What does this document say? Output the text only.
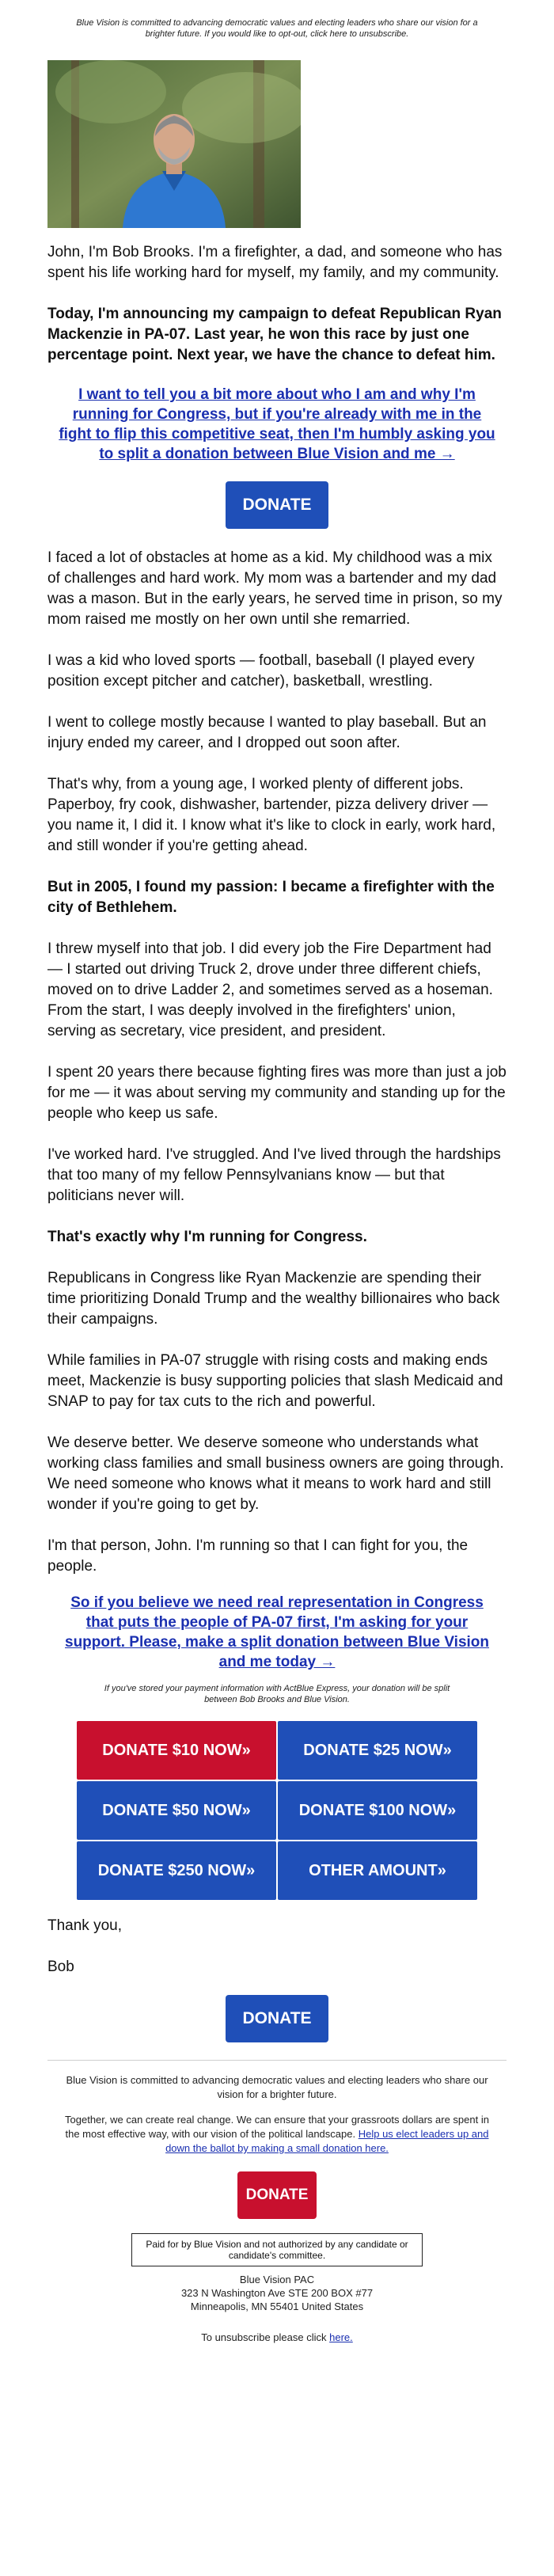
Blue Vision is committed to advancing democratic values and electing leaders who share our vision for a brighter future. If you would like to opt-out, click here to unsubscribe.

John, I'm Bob Brooks. I'm a firefighter, a dad, and someone who has spent his life working hard for myself, my family, and my community.

Today, I'm announcing my campaign to defeat Republican Ryan Mackenzie in PA-07. Last year, he won this race by just one percentage point. Next year, we have the chance to defeat him.

I want to tell you a bit more about who I am and why I'm running for Congress, but if you're already with me in the fight to flip this competitive seat, then I'm humbly asking you to split a donation between Blue Vision and me →
DONATE

I faced a lot of obstacles at home as a kid. My childhood was a mix of challenges and hard work. My mom was a bartender and my dad was a mason. But in the early years, he served time in prison, so my mom raised me mostly on her own until she remarried.

I was a kid who loved sports — football, baseball (I played every position except pitcher and catcher), basketball, wrestling.

I went to college mostly because I wanted to play baseball. But an injury ended my career, and I dropped out soon after.

That's why, from a young age, I worked plenty of different jobs. Paperboy, fry cook, dishwasher, bartender, pizza delivery driver — you name it, I did it. I know what it's like to clock in early, work hard, and still wonder if you're getting ahead.

But in 2005, I found my passion: I became a firefighter with the city of Bethlehem.

I threw myself into that job. I did every job the Fire Department had — I started out driving Truck 2, drove under three different chiefs, moved on to drive Ladder 2, and sometimes served as a hoseman. From the start, I was deeply involved in the firefighters' union, serving as secretary, vice president, and president.

I spent 20 years there because fighting fires was more than just a job for me — it was about serving my community and standing up for the people who keep us safe.

I've worked hard. I've struggled. And I've lived through the hardships that too many of my fellow Pennsylvanians know — but that politicians never will.

That's exactly why I'm running for Congress.

Republicans in Congress like Ryan Mackenzie are spending their time prioritizing Donald Trump and the wealthy billionaires who back their campaigns.

While families in PA-07 struggle with rising costs and making ends meet, Mackenzie is busy supporting policies that slash Medicaid and SNAP to pay for tax cuts to the rich and powerful.

We deserve better. We deserve someone who understands what working class families and small business owners are going through. We need someone who knows what it means to work hard and still wonder if you're going to get by.

I'm that person, John. I'm running so that I can fight for you, the people.

So if you believe we need real representation in Congress that puts the people of PA-07 first, I'm asking for your support. Please, make a split donation between Blue Vision and me today →
If you've stored your payment information with ActBlue Express, your donation will be split between Bob Brooks and Blue Vision.
DONATE $10 NOW»	DONATE $25 NOW»
DONATE $50 NOW»	DONATE $100 NOW»
DONATE $250 NOW»	OTHER AMOUNT»

Thank you,

Bob

DONATE
Blue Vision is committed to advancing democratic values and electing leaders who share our vision for a brighter future.
Together, we can create real change. We can ensure that your grassroots dollars are spent in the most effective way, with our vision of the political landscape. Help us elect leaders up and down the ballot by making a small donation here.
DONATE
Paid for by Blue Vision and not authorized by any candidate or candidate's committee.
Blue Vision PAC
323 N Washington Ave STE 200 BOX #77
Minneapolis, MN 55401 United States
To unsubscribe please click here.
